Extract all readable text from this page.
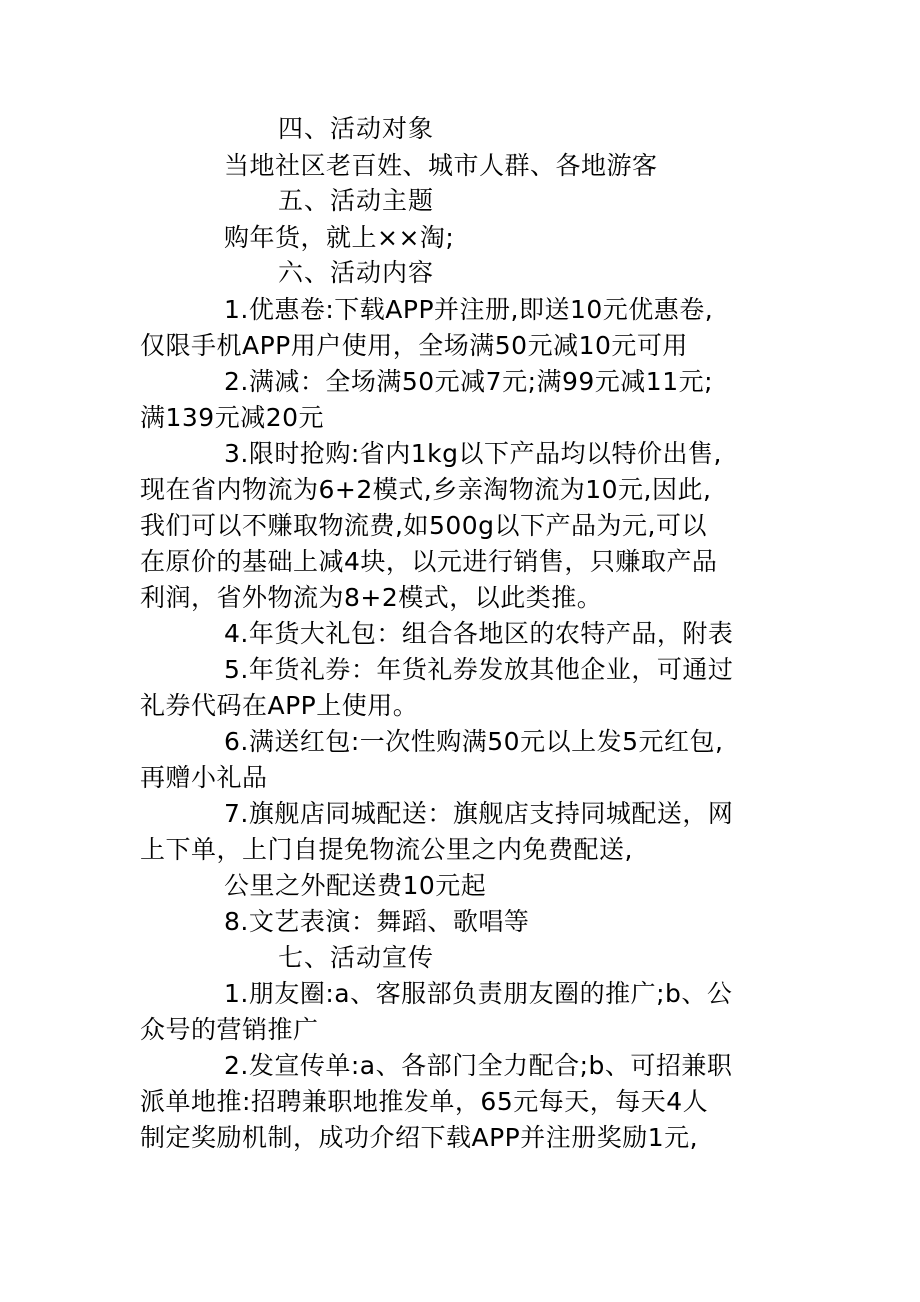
四、活动对象

当地社区老百姓、城市人群、各地游客

五、活动主题

购年货，就上××淘;

六、活动内容

1.优惠卷:下载APP并注册,即送10元优惠卷,

仅限手机APP用户使用，全场满50元减10元可用

2.满减：全场满50元减7元;满99元减11元;

满139元减20元

3.限时抢购:省内1kg以下产品均以特价出售,

现在省内物流为6+2模式,乡亲淘物流为10元,因此,

我们可以不赚取物流费,如500g以下产品为元,可以

在原价的基础上减4块，以元进行销售，只赚取产品

利润，省外物流为8+2模式，以此类推。

4.年货大礼包：组合各地区的农特产品，附表

5.年货礼券：年货礼券发放其他企业，可通过

礼券代码在APP上使用。

6.满送红包:一次性购满50元以上发5元红包,

再赠小礼品

7.旗舰店同城配送：旗舰店支持同城配送，网

上下单，上门自提免物流公里之内免费配送,

公里之外配送费10元起

8.文艺表演：舞蹈、歌唱等

七、活动宣传

1.朋友圈:a、客服部负责朋友圈的推广;b、公

众号的营销推广

2.发宣传单:a、各部门全力配合;b、可招兼职

派单地推:招聘兼职地推发单，65元每天，每天4人

制定奖励机制，成功介绍下载APP并注册奖励1元,
